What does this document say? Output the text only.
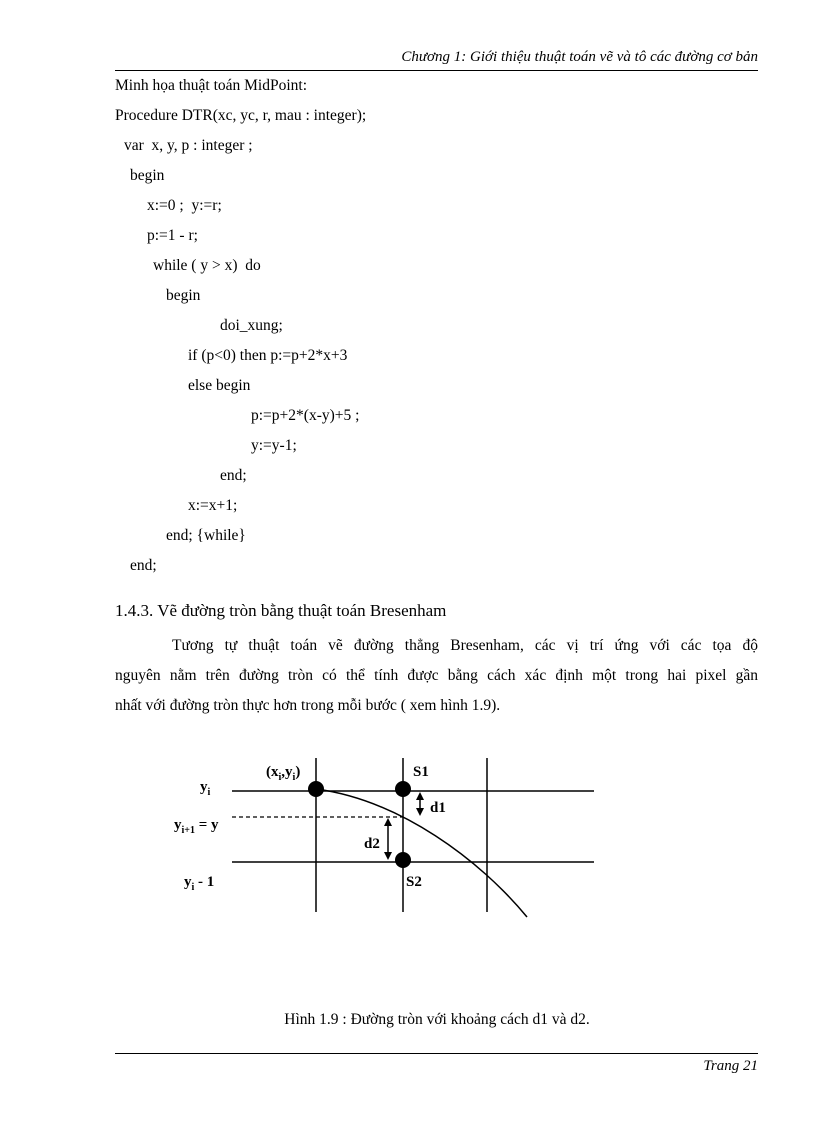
Chương 1: Giới thiệu thuật toán vẽ và tô các đường cơ bản
Minh họa thuật toán MidPoint:
Procedure DTR(xc, yc, r, mau : integer);
var  x, y, p : integer ;
begin
x:=0 ;  y:=r;
p:=1 - r;
while ( y > x)  do
begin
doi_xung;
if (p<0) then p:=p+2*x+3
else begin
p:=p+2*(x-y)+5 ;
y:=y-1;
end;
x:=x+1;
end; {while}
end;
1.4.3. Vẽ đường tròn bằng thuật toán Bresenham
Tương tự thuật toán vẽ đường thẳng Bresenham, các vị trí ứng với các tọa độ
nguyên nằm trên đường tròn có thể tính được bằng cách xác định một trong hai pixel gần
nhất với đường tròn thực hơn trong mỗi bước ( xem hình 1.9).
$y_i$
$y_{i+1} = y$
$y_i - 1$
$(x_i,y_i)$	S1
S2
d1
d2
Hình 1.9 : Đường tròn với khoảng cách d1 và d2.
Trang 21
